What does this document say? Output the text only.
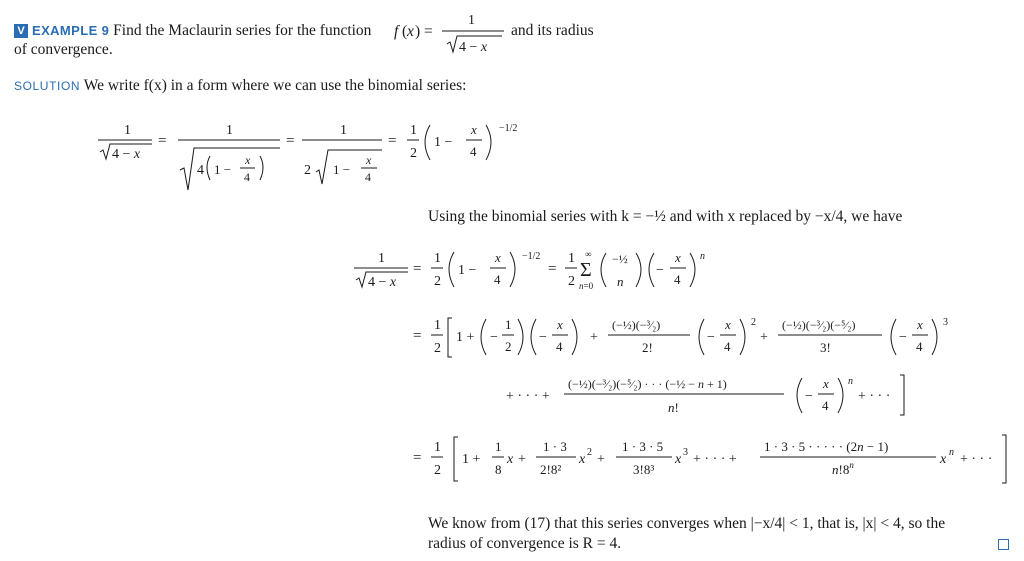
V EXAMPLE 9 Find the Maclaurin series for the function f ( x ) =
1
4 − x
and its radius
of convergence.
SOLUTION We write f(x) in a form where we can use the binomial series:
1
4 − x
=
1
4 1 −
x
4
=
1
2 1 −
x
4
=
1
2
1 −
x
4
−1/2
Using the binomial series with k = −½ and with x replaced by −x/4, we have
1
4 − x
=
1
2
1 −
x
4
−1/2
=
1
2
Σ
∞
n=0
−½
n
−
x
4
n
=
1
2
1 + −
1
2
−
x
4
+
(−½)(−³⁄₂)
2!
−
x
4
2
+
(−½)(−³⁄₂)(−⁵⁄₂)
3!
−
x
4
3
+ · · · +
(−½)(−³⁄₂)(−⁵⁄₂) · · · (−½ − n + 1)
n!
−
x
4
n
+ · · ·
=
1
2
1 +
1
8
x +
1 · 3
2!8²
x 2 +
1 · 3 · 5
3!8³
x 3 + · · · +
1 · 3 · 5 · · · · · (2n − 1)
n!8$^n$	x n + · · ·
We know from (17) that this series converges when |−x/4| < 1, that is, |x| < 4, so the
radius of convergence is R = 4.
